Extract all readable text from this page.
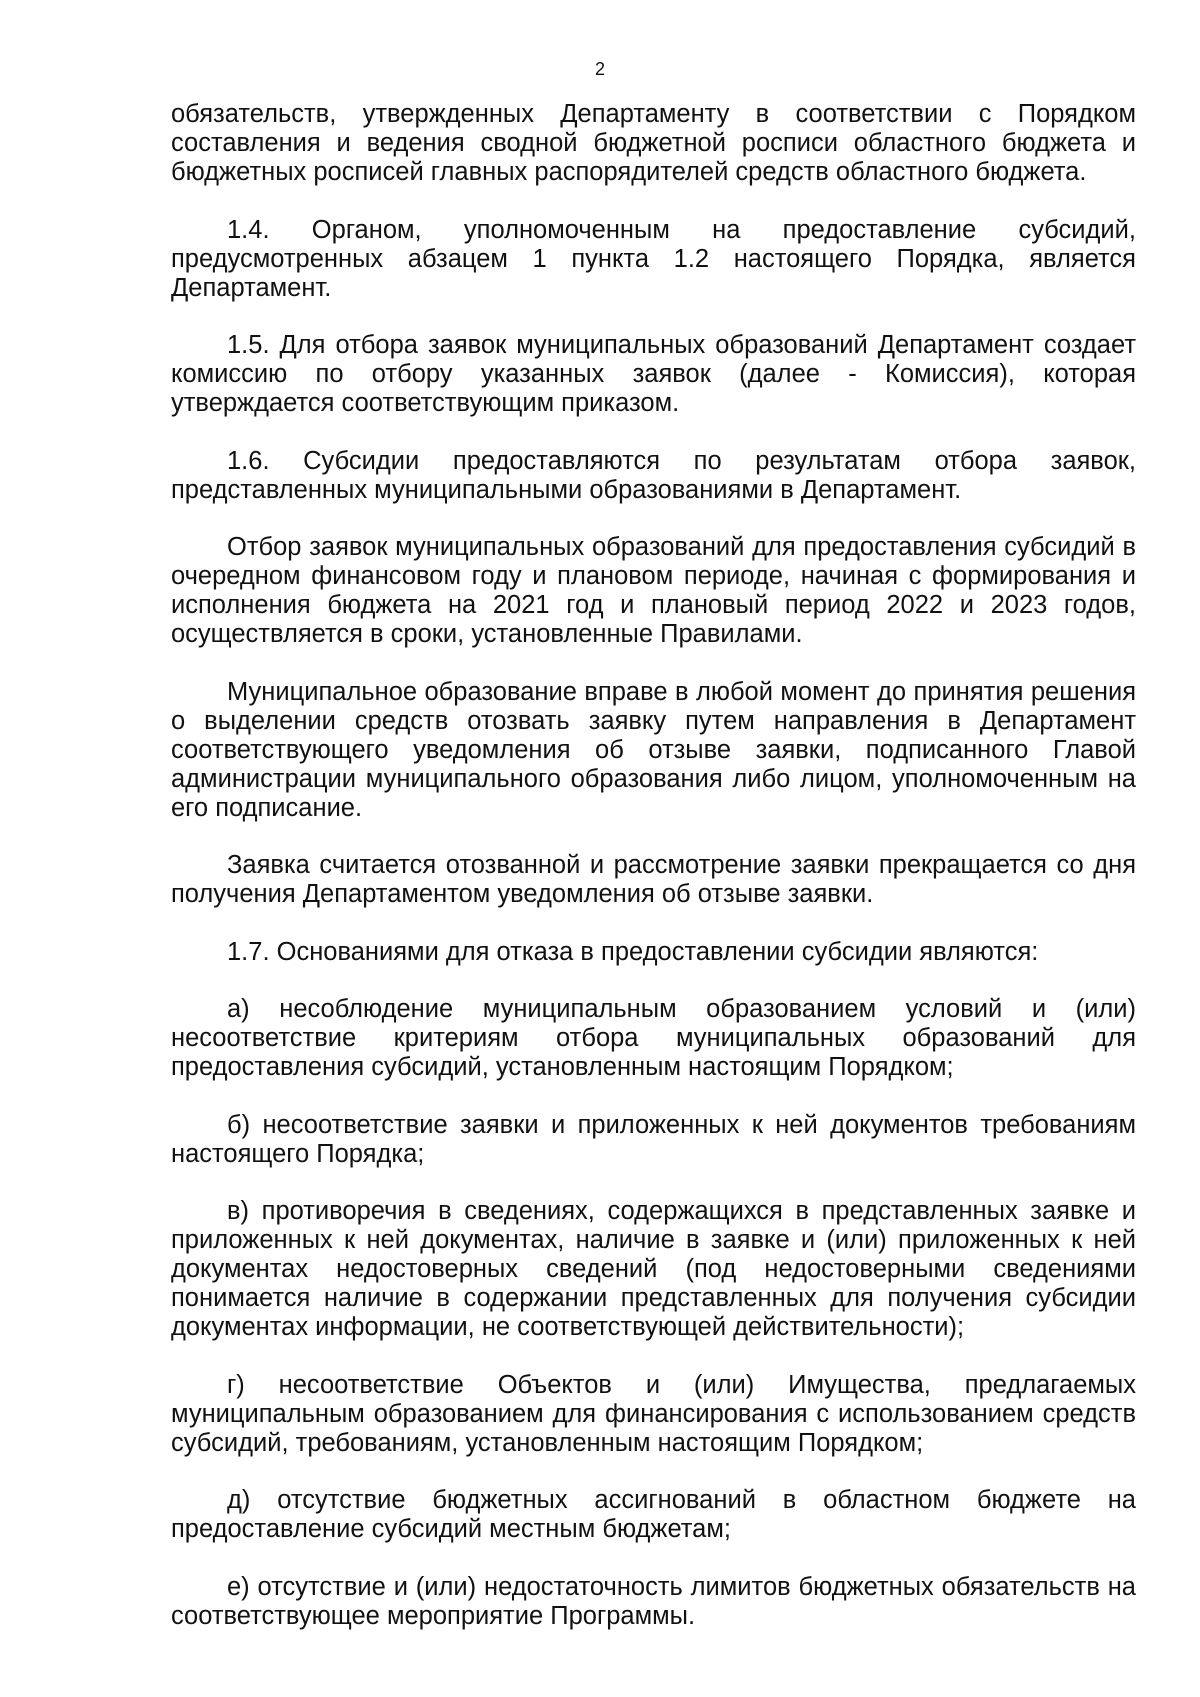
2

обязательств, утвержденных Департаменту в соответствии с Порядком составления и ведения сводной бюджетной росписи областного бюджета и бюджетных росписей главных распорядителей средств областного бюджета.

1.4. Органом, уполномоченным на предоставление субсидий, предусмотренных абзацем 1 пункта 1.2 настоящего Порядка, является Департамент.

1.5. Для отбора заявок муниципальных образований Департамент создает комиссию по отбору указанных заявок (далее - Комиссия), которая утверждается соответствующим приказом.

1.6. Субсидии предоставляются по результатам отбора заявок, представленных муниципальными образованиями в Департамент.

Отбор заявок муниципальных образований для предоставления субсидий в очередном финансовом году и плановом периоде, начиная с формирования и исполнения бюджета на 2021 год и плановый период 2022 и 2023 годов, осуществляется в сроки, установленные Правилами.

Муниципальное образование вправе в любой момент до принятия решения о выделении средств отозвать заявку путем направления в Департамент соответствующего уведомления об отзыве заявки, подписанного Главой администрации муниципального образования либо лицом, уполномоченным на его подписание.

Заявка считается отозванной и рассмотрение заявки прекращается со дня получения Департаментом уведомления об отзыве заявки.

1.7. Основаниями для отказа в предоставлении субсидии являются:

а) несоблюдение муниципальным образованием условий и (или) несоответствие критериям отбора муниципальных образований для предоставления субсидий, установленным настоящим Порядком;

б) несоответствие заявки и приложенных к ней документов требованиям настоящего Порядка;

в) противоречия в сведениях, содержащихся в представленных заявке и приложенных к ней документах, наличие в заявке и (или) приложенных к ней документах недостоверных сведений (под недостоверными сведениями понимается наличие в содержании представленных для получения субсидии документах информации, не соответствующей действительности);

г) несоответствие Объектов и (или) Имущества, предлагаемых муниципальным образованием для финансирования с использованием средств субсидий, требованиям, установленным настоящим Порядком;

д) отсутствие бюджетных ассигнований в областном бюджете на предоставление субсидий местным бюджетам;

е) отсутствие и (или) недостаточность лимитов бюджетных обязательств на соответствующее мероприятие Программы.
